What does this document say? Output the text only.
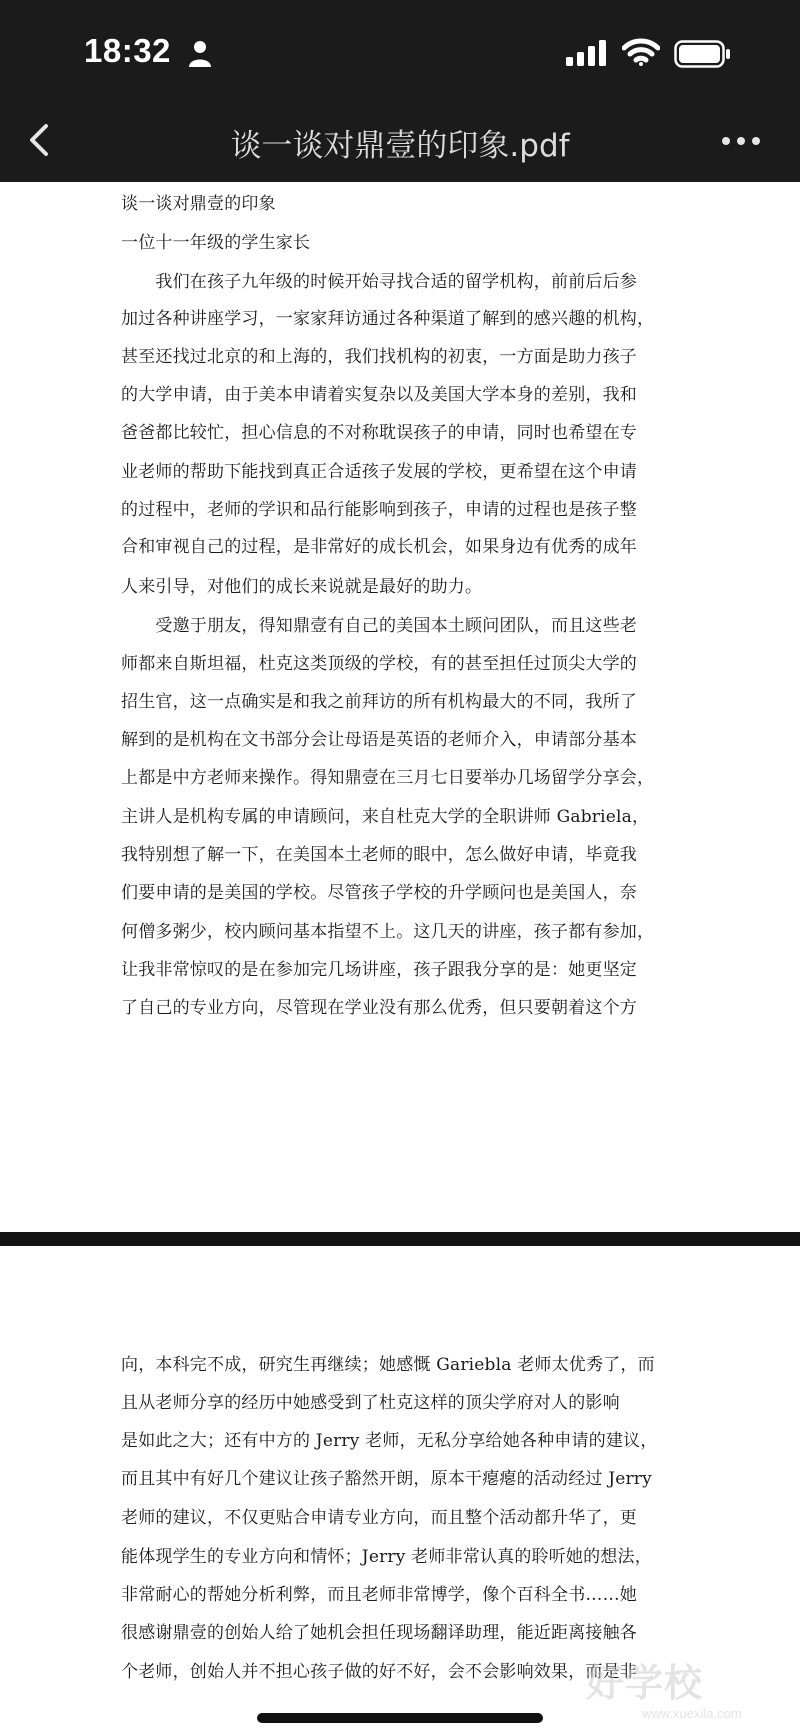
18:32
谈一谈对鼎壹的印象.pdf
谈一谈对鼎壹的印象
一位十一年级的学生家长
　　我们在孩子九年级的时候开始寻找合适的留学机构，前前后后参
加过各种讲座学习，一家家拜访通过各种渠道了解到的感兴趣的机构，
甚至还找过北京的和上海的，我们找机构的初衷，一方面是助力孩子
的大学申请，由于美本申请着实复杂以及美国大学本身的差别，我和
爸爸都比较忙，担心信息的不对称耽误孩子的申请，同时也希望在专
业老师的帮助下能找到真正合适孩子发展的学校，更希望在这个申请
的过程中，老师的学识和品行能影响到孩子，申请的过程也是孩子整
合和审视自己的过程，是非常好的成长机会，如果身边有优秀的成年
人来引导，对他们的成长来说就是最好的助力。
　　受邀于朋友，得知鼎壹有自己的美国本土顾问团队，而且这些老
师都来自斯坦福，杜克这类顶级的学校，有的甚至担任过顶尖大学的
招生官，这一点确实是和我之前拜访的所有机构最大的不同，我所了
解到的是机构在文书部分会让母语是英语的老师介入，申请部分基本
上都是中方老师来操作。得知鼎壹在三月七日要举办几场留学分享会，
主讲人是机构专属的申请顾问，来自杜克大学的全职讲师 Gabriela，
我特别想了解一下，在美国本土老师的眼中，怎么做好申请，毕竟我
们要申请的是美国的学校。尽管孩子学校的升学顾问也是美国人，奈
何僧多粥少，校内顾问基本指望不上。这几天的讲座，孩子都有参加，
让我非常惊叹的是在参加完几场讲座，孩子跟我分享的是：她更坚定
了自己的专业方向，尽管现在学业没有那么优秀，但只要朝着这个方
向，本科完不成，研究生再继续；她感慨 Gariebla 老师太优秀了，而
且从老师分享的经历中她感受到了杜克这样的顶尖学府对人的影响
是如此之大；还有中方的 Jerry 老师，无私分享给她各种申请的建议，
而且其中有好几个建议让孩子豁然开朗，原本干瘪瘪的活动经过 Jerry
老师的建议，不仅更贴合申请专业方向，而且整个活动都升华了，更
能体现学生的专业方向和情怀；Jerry 老师非常认真的聆听她的想法，
非常耐心的帮她分析利弊，而且老师非常博学，像个百科全书……她
很感谢鼎壹的创始人给了她机会担任现场翻译助理，能近距离接触各
个老师，创始人并不担心孩子做的好不好，会不会影响效果，而是非
好学校
www.xuexila.com
